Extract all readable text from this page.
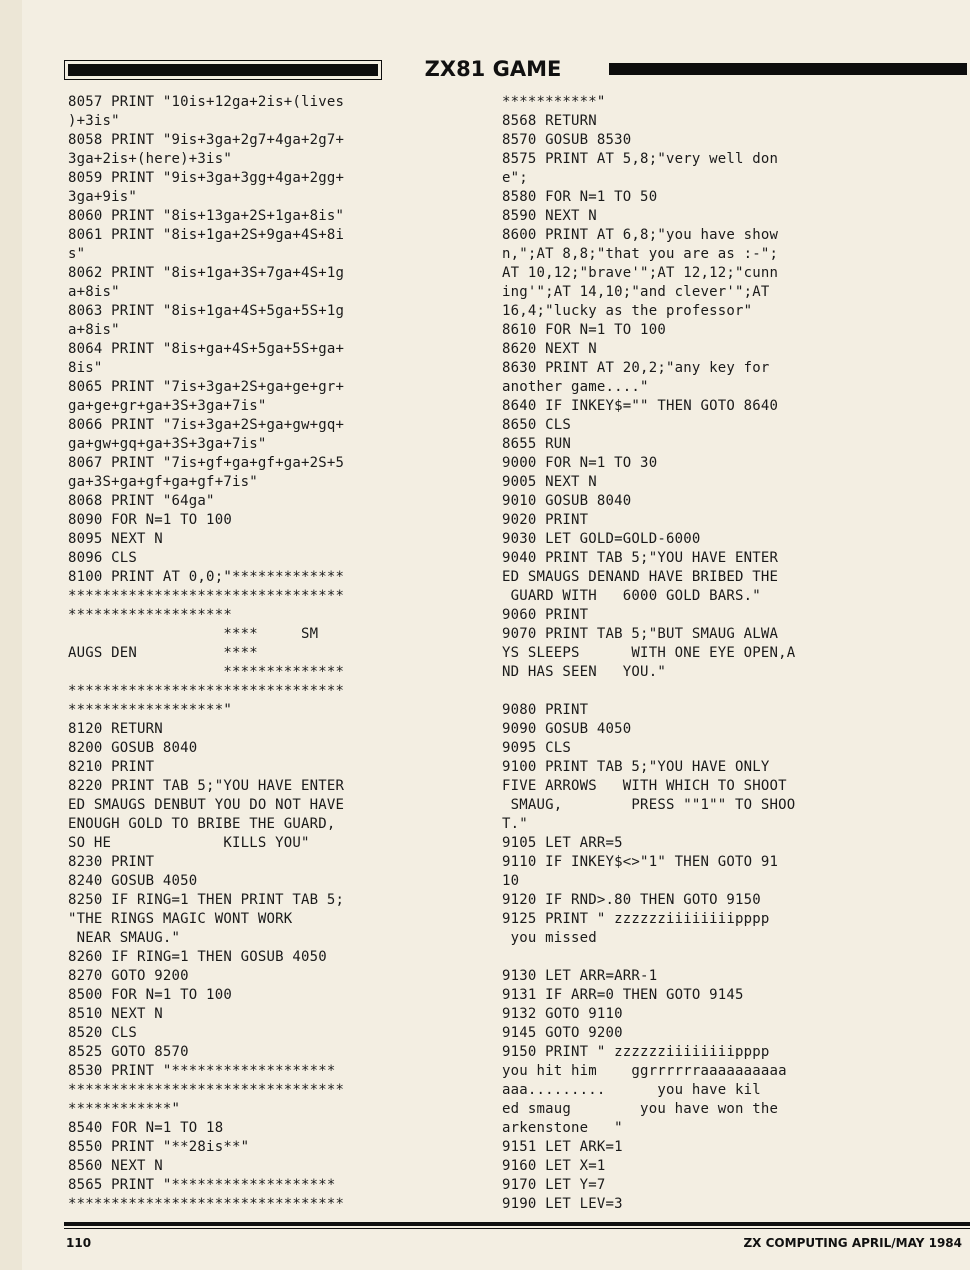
ZX81 GAME
8057 PRINT "10is+12ga+2is+(lives
)+3is"
8058 PRINT "9is+3ga+2g7+4ga+2g7+
3ga+2is+(here)+3is"
8059 PRINT "9is+3ga+3gg+4ga+2gg+
3ga+9is"
8060 PRINT "8is+13ga+2S+1ga+8is"
8061 PRINT "8is+1ga+2S+9ga+4S+8i
s"
8062 PRINT "8is+1ga+3S+7ga+4S+1g
a+8is"
8063 PRINT "8is+1ga+4S+5ga+5S+1g
a+8is"
8064 PRINT "8is+ga+4S+5ga+5S+ga+
8is"
8065 PRINT "7is+3ga+2S+ga+ge+gr+
ga+ge+gr+ga+3S+3ga+7is"
8066 PRINT "7is+3ga+2S+ga+gw+gq+
ga+gw+gq+ga+3S+3ga+7is"
8067 PRINT "7is+gf+ga+gf+ga+2S+5
ga+3S+ga+gf+ga+gf+7is"
8068 PRINT "64ga"
8090 FOR N=1 TO 100
8095 NEXT N
8096 CLS
8100 PRINT AT 0,0;"*************
********************************
*******************
****     SM
AUGS DEN          ****
**************
********************************
******************"
8120 RETURN
8200 GOSUB 8040
8210 PRINT
8220 PRINT TAB 5;"YOU HAVE ENTER
ED SMAUGS DENBUT YOU DO NOT HAVE
ENOUGH GOLD TO BRIBE THE GUARD,
SO HE             KILLS YOU"
8230 PRINT
8240 GOSUB 4050
8250 IF RING=1 THEN PRINT TAB 5;
"THE RINGS MAGIC WONT WORK
NEAR SMAUG."
8260 IF RING=1 THEN GOSUB 4050
8270 GOTO 9200
8500 FOR N=1 TO 100
8510 NEXT N
8520 CLS
8525 GOTO 8570
8530 PRINT "*******************
********************************
************"
8540 FOR N=1 TO 18
8550 PRINT "**28is**"
8560 NEXT N
8565 PRINT "*******************
********************************
***********"
8568 RETURN
8570 GOSUB 8530
8575 PRINT AT 5,8;"very well don
e";
8580 FOR N=1 TO 50
8590 NEXT N
8600 PRINT AT 6,8;"you have show
n,";AT 8,8;"that you are as :-";
AT 10,12;"brave'";AT 12,12;"cunn
ing'";AT 14,10;"and clever'";AT
16,4;"lucky as the professor"
8610 FOR N=1 TO 100
8620 NEXT N
8630 PRINT AT 20,2;"any key for
another game...."
8640 IF INKEY$="" THEN GOTO 8640
8650 CLS
8655 RUN
9000 FOR N=1 TO 30
9005 NEXT N
9010 GOSUB 8040
9020 PRINT
9030 LET GOLD=GOLD-6000
9040 PRINT TAB 5;"YOU HAVE ENTER
ED SMAUGS DENAND HAVE BRIBED THE
GUARD WITH   6000 GOLD BARS."
9060 PRINT
9070 PRINT TAB 5;"BUT SMAUG ALWA
YS SLEEPS      WITH ONE EYE OPEN,A
ND HAS SEEN   YOU."
9080 PRINT
9090 GOSUB 4050
9095 CLS
9100 PRINT TAB 5;"YOU HAVE ONLY
FIVE ARROWS   WITH WHICH TO SHOOT
SMAUG,        PRESS ""1"" TO SHOO
T."
9105 LET ARR=5
9110 IF INKEY$<>"1" THEN GOTO 91
10
9120 IF RND>.80 THEN GOTO 9150
9125 PRINT " zzzzzziiiiiiiipppp
you missed
9130 LET ARR=ARR-1
9131 IF ARR=0 THEN GOTO 9145
9132 GOTO 9110
9145 GOTO 9200
9150 PRINT " zzzzzziiiiiiiipppp
you hit him    ggrrrrrraaaaaaaaaa
aaa.........      you have kil
ed smaug        you have won the
arkenstone   "
9151 LET ARK=1
9160 LET X=1
9170 LET Y=7
9190 LET LEV=3
110	ZX COMPUTING APRIL/MAY 1984
